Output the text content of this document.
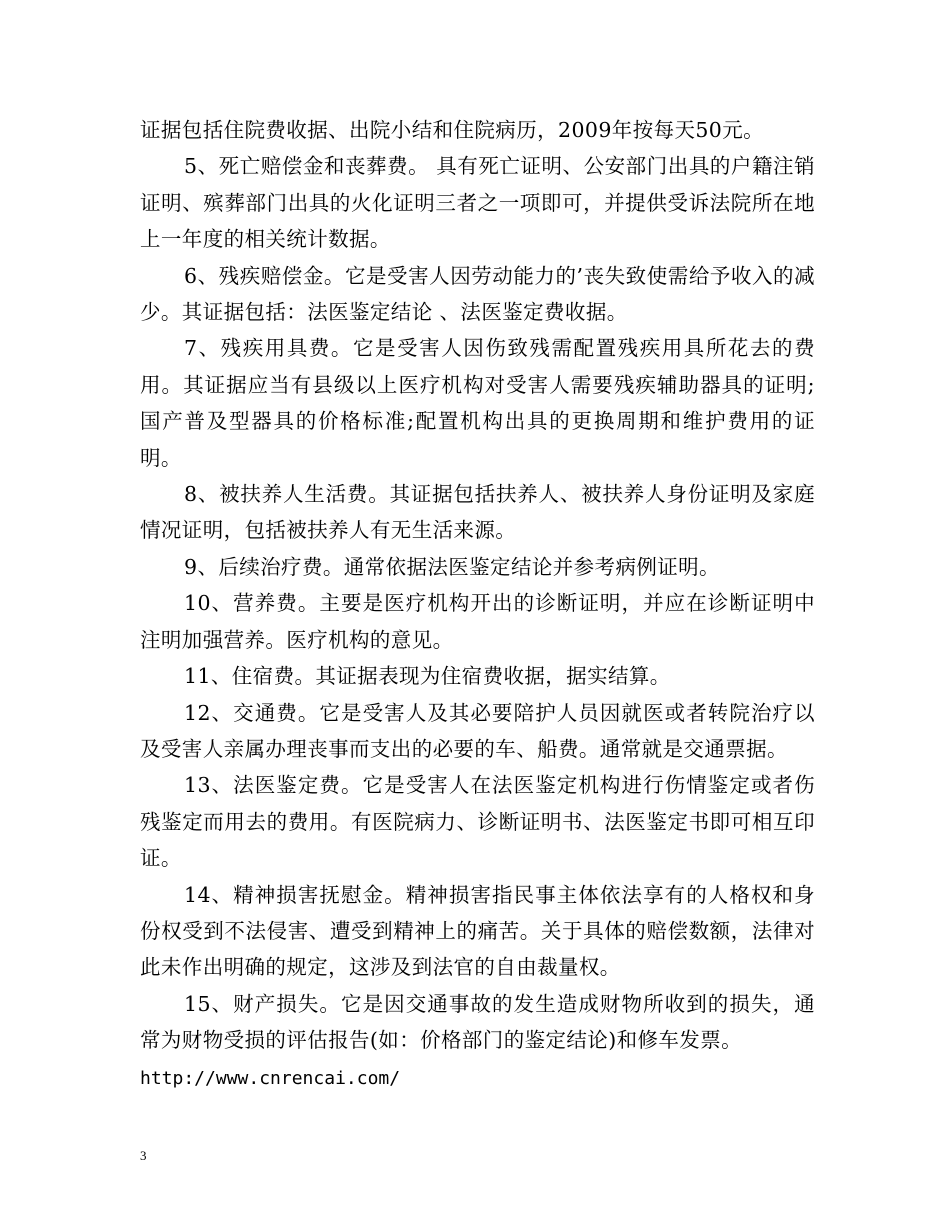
证据包括住院费收据、出院小结和住院病历，2009年按每天50元。

5、死亡赔偿金和丧葬费。 具有死亡证明、公安部门出具的户籍注销证明、殡葬部门出具的火化证明三者之一项即可，并提供受诉法院所在地上一年度的相关统计数据。

6、残疾赔偿金。它是受害人因劳动能力的’丧失致使需给予收入的减少。其证据包括：法医鉴定结论 、法医鉴定费收据。

7、残疾用具费。它是受害人因伤致残需配置残疾用具所花去的费用。其证据应当有县级以上医疗机构对受害人需要残疾辅助器具的证明;国产普及型器具的价格标准;配置机构出具的更换周期和维护费用的证明。

8、被扶养人生活费。其证据包括扶养人、被扶养人身份证明及家庭情况证明，包括被扶养人有无生活来源。

9、后续治疗费。通常依据法医鉴定结论并参考病例证明。

10、营养费。主要是医疗机构开出的诊断证明，并应在诊断证明中注明加强营养。医疗机构的意见。

11、住宿费。其证据表现为住宿费收据，据实结算。

12、交通费。它是受害人及其必要陪护人员因就医或者转院治疗以及受害人亲属办理丧事而支出的必要的车、船费。通常就是交通票据。

13、法医鉴定费。它是受害人在法医鉴定机构进行伤情鉴定或者伤残鉴定而用去的费用。有医院病力、诊断证明书、法医鉴定书即可相互印证。

14、精神损害抚慰金。精神损害指民事主体依法享有的人格权和身份权受到不法侵害、遭受到精神上的痛苦。关于具体的赔偿数额，法律对此未作出明确的规定，这涉及到法官的自由裁量权。

15、财产损失。它是因交通事故的发生造成财物所收到的损失，通常为财物受损的评估报告(如：价格部门的鉴定结论)和修车发票。

http://www.cnrencai.com/

3
